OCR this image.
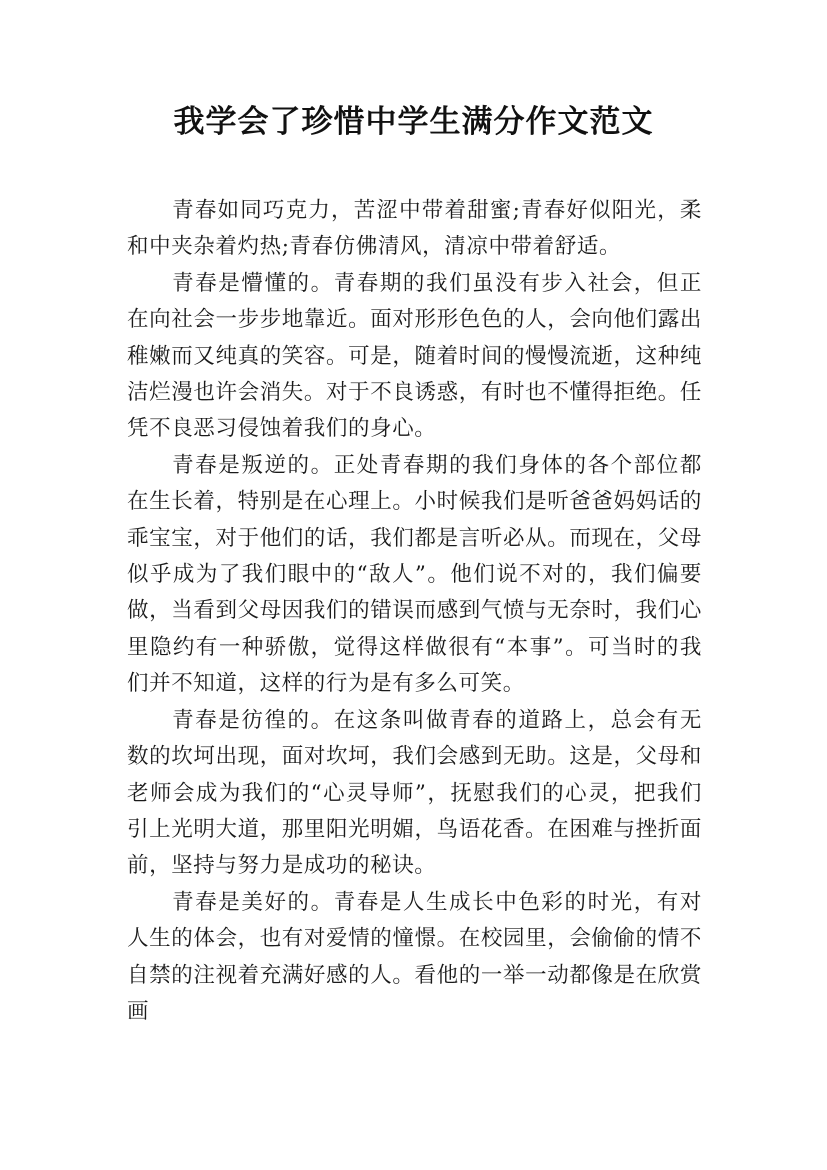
我学会了珍惜中学生满分作文范文

青春如同巧克力，苦涩中带着甜蜜;青春好似阳光，柔和中夹杂着灼热;青春仿佛清风，清凉中带着舒适。

青春是懵懂的。青春期的我们虽没有步入社会，但正在向社会一步步地靠近。面对形形色色的人，会向他们露出稚嫩而又纯真的笑容。可是，随着时间的慢慢流逝，这种纯洁烂漫也许会消失。对于不良诱惑，有时也不懂得拒绝。任凭不良恶习侵蚀着我们的身心。

青春是叛逆的。正处青春期的我们身体的各个部位都在生长着，特别是在心理上。小时候我们是听爸爸妈妈话的乖宝宝，对于他们的话，我们都是言听必从。而现在，父母似乎成为了我们眼中的“敌人”。他们说不对的，我们偏要做，当看到父母因我们的错误而感到气愤与无奈时，我们心里隐约有一种骄傲，觉得这样做很有“本事”。可当时的我们并不知道，这样的行为是有多么可笑。

青春是彷徨的。在这条叫做青春的道路上，总会有无数的坎坷出现，面对坎坷，我们会感到无助。这是，父母和老师会成为我们的“心灵导师”，抚慰我们的心灵，把我们引上光明大道，那里阳光明媚，鸟语花香。在困难与挫折面前，坚持与努力是成功的秘诀。

青春是美好的。青春是人生成长中色彩的时光，有对人生的体会，也有对爱情的憧憬。在校园里，会偷偷的情不自禁的注视着充满好感的人。看他的一举一动都像是在欣赏画
